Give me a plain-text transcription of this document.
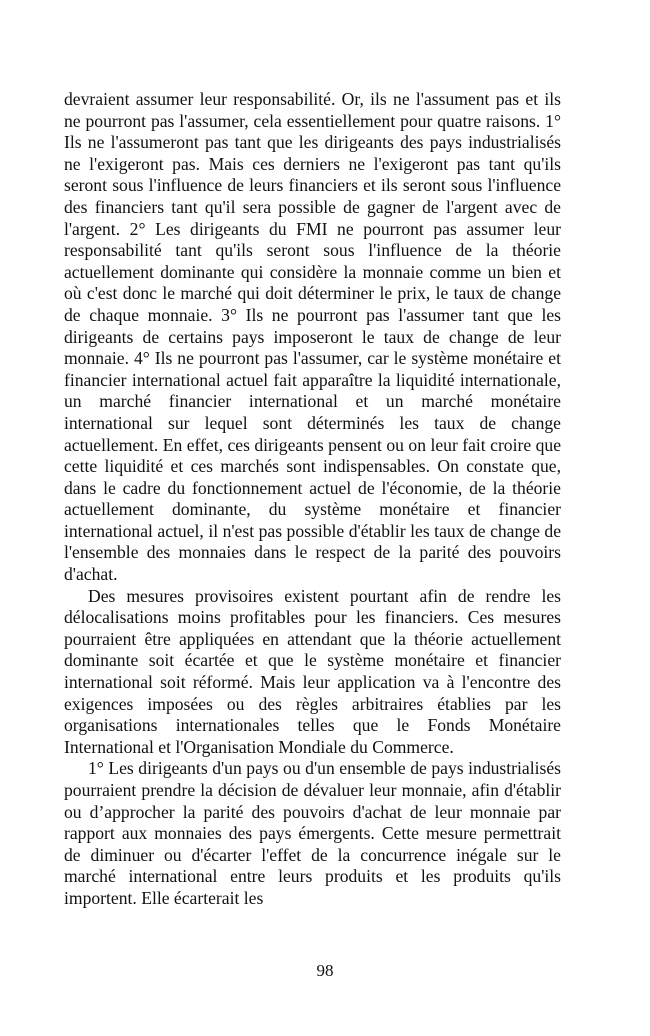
devraient assumer leur responsabilité. Or, ils ne l'assument pas et ils ne pourront pas l'assumer, cela essentiellement pour quatre raisons. 1° Ils ne l'assumeront pas tant que les dirigeants des pays industrialisés ne l'exigeront pas. Mais ces derniers ne l'exigeront pas tant qu'ils seront sous l'influence de leurs financiers et ils seront sous l'influence des financiers tant qu'il sera possible de gagner de l'argent avec de l'argent. 2° Les dirigeants du FMI ne pourront pas assumer leur responsabilité tant qu'ils seront sous l'influence de la théorie actuellement dominante qui considère la monnaie comme un bien et où c'est donc le marché qui doit déterminer le prix, le taux de change de chaque monnaie. 3° Ils ne pourront pas l'assumer tant que les dirigeants de certains pays imposeront le taux de change de leur monnaie. 4° Ils ne pourront pas l'assumer, car le système monétaire et financier international actuel fait apparaître la liquidité internationale, un marché financier international et un marché monétaire international sur lequel sont déterminés les taux de change actuellement. En effet, ces dirigeants pensent ou on leur fait croire que cette liquidité et ces marchés sont indispensables. On constate que, dans le cadre du fonctionnement actuel de l'économie, de la théorie actuellement dominante, du système monétaire et financier international actuel, il n'est pas possible d'établir les taux de change de l'ensemble des monnaies dans le respect de la parité des pouvoirs d'achat.

Des mesures provisoires existent pourtant afin de rendre les délocalisations moins profitables pour les financiers. Ces mesures pourraient être appliquées en attendant que la théorie actuellement dominante soit écartée et que le système monétaire et financier international soit réformé. Mais leur application va à l'encontre des exigences imposées ou des règles arbitraires établies par les organisations internationales telles que le Fonds Monétaire International et l'Organisation Mondiale du Commerce.

1° Les dirigeants d'un pays ou d'un ensemble de pays industrialisés pourraient prendre la décision de dévaluer leur monnaie, afin d'établir ou d’approcher la parité des pouvoirs d'achat de leur monnaie par rapport aux monnaies des pays émergents. Cette mesure permettrait de diminuer ou d'écarter l'effet de la concurrence inégale sur le marché international entre leurs produits et les produits qu'ils importent. Elle écarterait les

98
